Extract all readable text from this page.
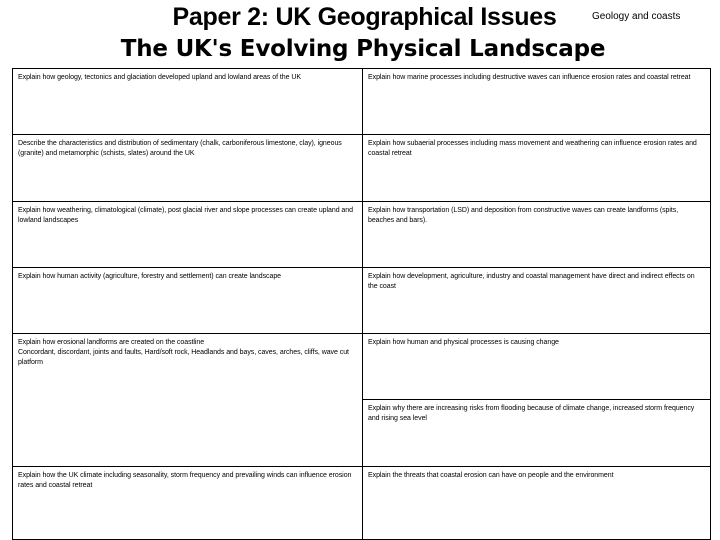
Paper 2: UK Geographical Issues
The UK's Evolving Physical Landscape
Geology and coasts
Explain how geology, tectonics and glaciation developed upland and lowland areas of the UK	Explain how marine processes including destructive waves can influence erosion rates and coastal retreat
Describe the characteristics and distribution of sedimentary (chalk, carboniferous limestone, clay), igneous (granite) and metamorphic (schists, slates) around the UK
Explain how subaerial processes including mass movement and weathering can influence erosion rates and coastal retreat
Explain how weathering, climatological (climate), post glacial river and slope processes can create upland and lowland landscapes
Explain how transportation (LSD) and deposition from constructive waves can create landforms (spits, beaches and bars).
Explain how human activity (agriculture, forestry and settlement) can create landscape	Explain how development, agriculture, industry and coastal management have direct and indirect effects on the coast
Explain how erosional landforms are created on the coastline
Concordant, discordant, joints and faults, Hard/soft rock, Headlands and bays, caves, arches, cliffs, wave cut platform
Explain how human and physical processes is causing change
Explain why there are increasing risks from flooding because of climate change, increased storm frequency and rising sea level
Explain how the UK climate including seasonality, storm frequency and prevailing winds can influence erosion rates and coastal retreat
Explain the threats that coastal erosion can have on people and the environment
